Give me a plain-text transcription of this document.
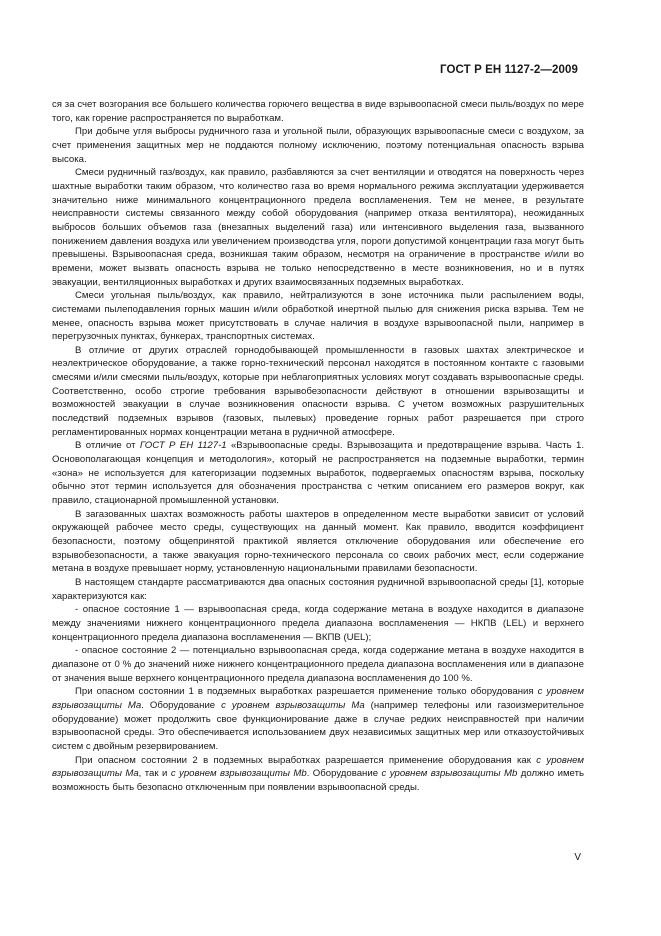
ГОСТ Р ЕН 1127-2—2009

ся за счет возгорания все большего количества горючего вещества в виде взрывоопасной смеси пыль/воздух по мере того, как горение распространяется по выработкам.

При добыче угля выбросы рудничного газа и угольной пыли, образующих взрывоопасные смеси с воздухом, за счет применения защитных мер не поддаются полному исключению, поэтому потенциальная опасность взрыва высока.

Смеси рудничный газ/воздух, как правило, разбавляются за счет вентиляции и отводятся на поверхность через шахтные выработки таким образом, что количество газа во время нормального режима эксплуатации удерживается значительно ниже минимального концентрационного предела воспламенения. Тем не менее, в результате неисправности системы связанного между собой оборудования (например отказа вентилятора), неожиданных выбросов больших объемов газа (внезапных выделений газа) или интенсивного выделения газа, вызванного понижением давления воздуха или увеличением производства угля, пороги допустимой концентрации газа могут быть превышены. Взрывоопасная среда, возникшая таким образом, несмотря на ограничение в пространстве и/или во времени, может вызвать опасность взрыва не только непосредственно в месте возникновения, но и в путях эвакуации, вентиляционных выработках и других взаимосвязанных подземных выработках.

Смеси угольная пыль/воздух, как правило, нейтрализуются в зоне источника пыли распылением воды, системами пылеподавления горных машин и/или обработкой инертной пылью для снижения риска взрыва. Тем не менее, опасность взрыва может присутствовать в случае наличия в воздухе взрывоопасной пыли, например в перегрузочных пунктах, бункерах, транспортных системах.

В отличие от других отраслей горнодобывающей промышленности в газовых шахтах электрическое и неэлектрическое оборудование, а также горно-технический персонал находятся в постоянном контакте с газовыми смесями и/или смесями пыль/воздух, которые при неблагоприятных условиях могут создавать взрывоопасные среды. Соответственно, особо строгие требования взрывобезопасности действуют в отношении взрывозащиты и возможностей эвакуации в случае возникновения опасности взрыва. С учетом возможных разрушительных последствий подземных взрывов (газовых, пылевых) проведение горных работ разрешается при строго регламентированных нормах концентрации метана в рудничной атмосфере.

В отличие от ГОСТ Р ЕН 1127-1 «Взрывоопасные среды. Взрывозащита и предотвращение взрыва. Часть 1. Основополагающая концепция и методология», который не распространяется на подземные выработки, термин «зона» не используется для категоризации подземных выработок, подвергаемых опасностям взрыва, поскольку обычно этот термин используется для обозначения пространства с четким описанием его размеров вокруг, как правило, стационарной промышленной установки.

В загазованных шахтах возможность работы шахтеров в определенном месте выработки зависит от условий окружающей рабочее место среды, существующих на данный момент. Как правило, вводится коэффициент безопасности, поэтому общепринятой практикой является отключение оборудования или обеспечение его взрывобезопасности, а также эвакуация горно-технического персонала со своих рабочих мест, если содержание метана в воздухе превышает норму, установленную национальными правилами безопасности.

В настоящем стандарте рассматриваются два опасных состояния рудничной взрывоопасной среды [1], которые характеризуются как:

- опасное состояние 1 — взрывоопасная среда, когда содержание метана в воздухе находится в диапазоне между значениями нижнего концентрационного предела диапазона воспламенения — НКПВ (LEL) и верхнего концентрационного предела диапазона воспламенения — ВКПВ (UEL);

- опасное состояние 2 — потенциально взрывоопасная среда, когда содержание метана в воздухе находится в диапазоне от 0 % до значений ниже нижнего концентрационного предела диапазона воспламенения или в диапазоне от значения выше верхнего концентрационного предела диапазона воспламенения до 100 %.

При опасном состоянии 1 в подземных выработках разрешается применение только оборудования с уровнем взрывозащиты Ma. Оборудование с уровнем взрывозащиты Ma (например телефоны или газоизмерительное оборудование) может продолжить свое функционирование даже в случае редких неисправностей при наличии взрывоопасной среды. Это обеспечивается использованием двух независимых защитных мер или отказоустойчивых систем с двойным резервированием.

При опасном состоянии 2 в подземных выработках разрешается применение оборудования как с уровнем взрывозащиты Ma, так и с уровнем взрывозащиты Mb. Оборудование с уровнем взрывозащиты Mb должно иметь возможность быть безопасно отключенным при появлении взрывоопасной среды.

V
